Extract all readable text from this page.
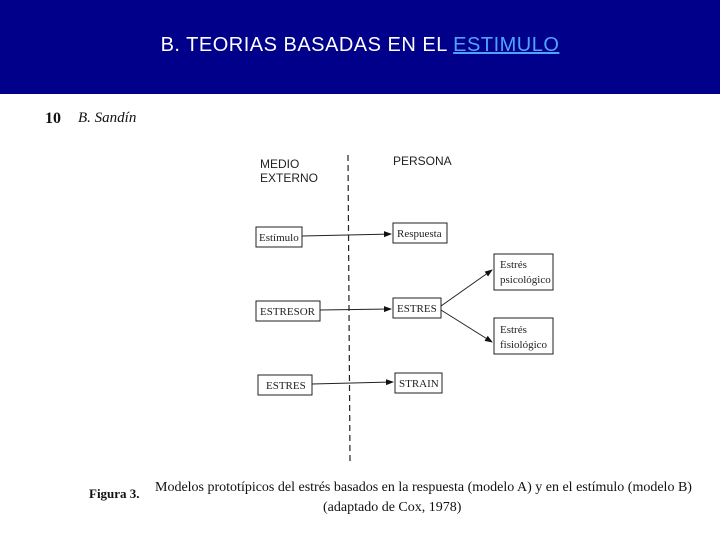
B. TEORIAS BASADAS EN EL ESTIMULO
10 B. Sandín
MEDIO
EXTERNO
PERSONA
Estímulo	Respuesta
ESTRESOR	ESTRES
Estrés
psicológico
Estrés
fisiológico
ESTRES	STRAIN
Figura 3. Modelos prototípicos del estrés basados en la respuesta (modelo A) y en el estímulo (modelo B)
(adaptado de Cox, 1978)
